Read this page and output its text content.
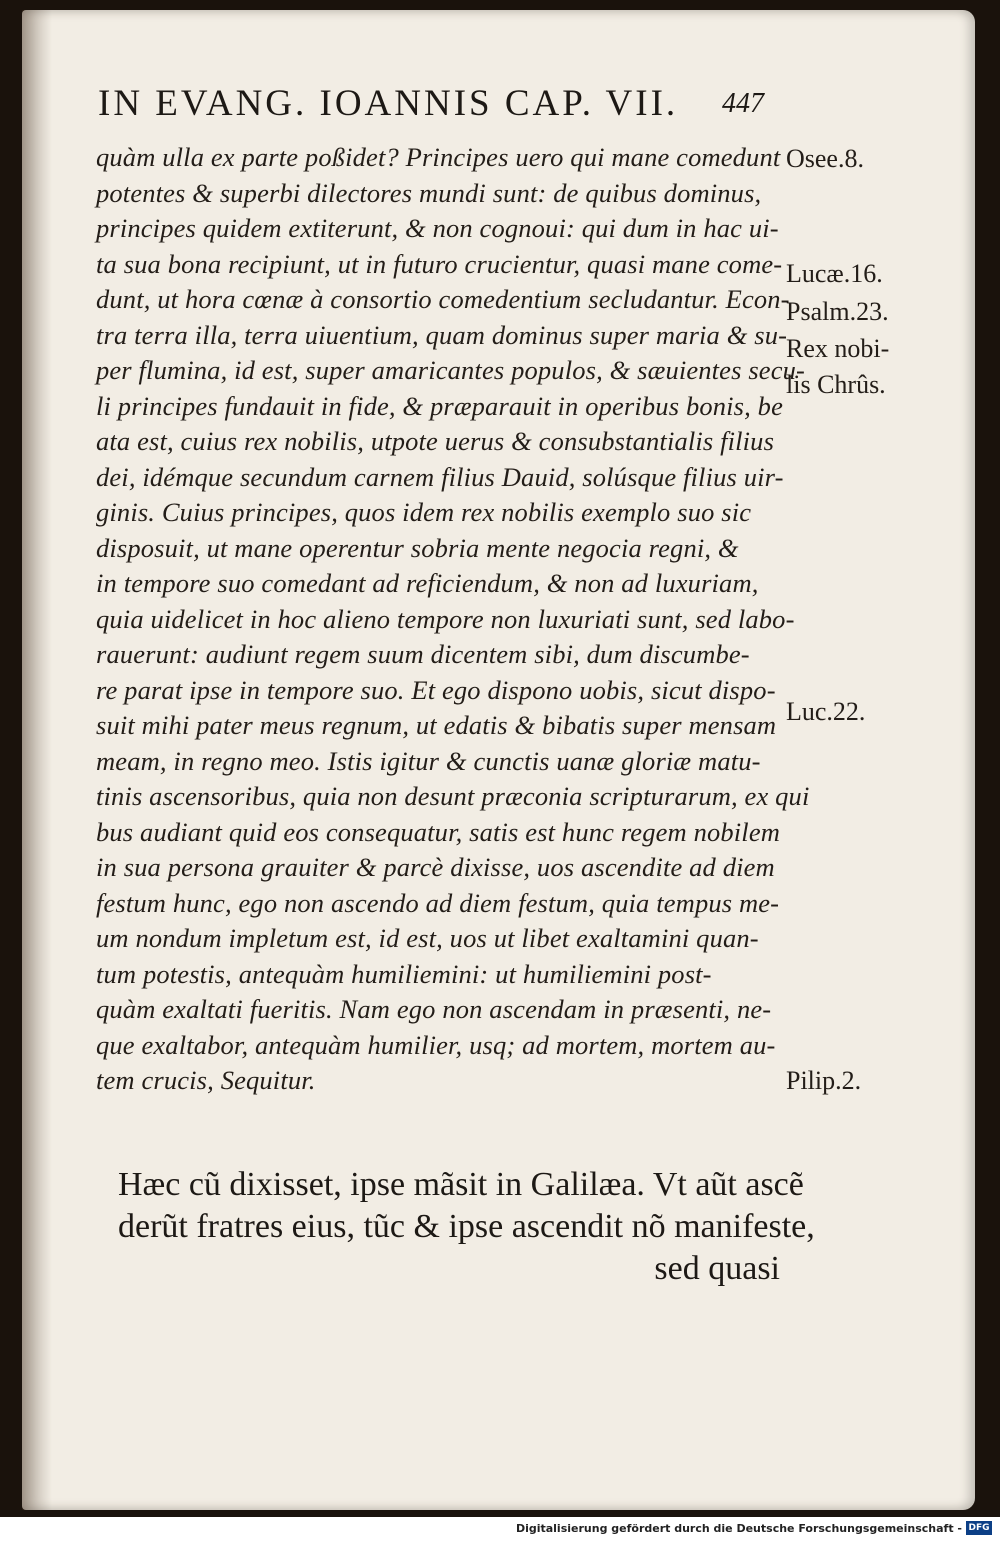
IN EVANG. IOANNIS CAP. VII.	447
quàm ulla ex parte poßidet? Principes uero qui mane comedunt
potentes & superbi dilectores mundi sunt: de quibus dominus,
principes quidem extiterunt, & non cognoui: qui dum in hac ui-
ta sua bona recipiunt, ut in futuro crucientur, quasi mane come-
dunt, ut hora cœnæ à consortio comedentium secludantur. Econ-
tra terra illa, terra uiuentium, quam dominus super maria & su-
per flumina, id est, super amaricantes populos, & sæuientes secu-
li principes fundauit in fide, & præparauit in operibus bonis, be
ata est, cuius rex nobilis, utpote uerus & consubstantialis filius
dei, idémque secundum carnem filius Dauid, solúsque filius uir-
ginis. Cuius principes, quos idem rex nobilis exemplo suo sic
disposuit, ut mane operentur sobria mente negocia regni, &
in tempore suo comedant ad reficiendum, & non ad luxuriam,
quia uidelicet in hoc alieno tempore non luxuriati sunt, sed labo-
rauerunt: audiunt regem suum dicentem sibi, dum discumbe-
re parat ipse in tempore suo. Et ego dispono uobis, sicut dispo-
suit mihi pater meus regnum, ut edatis & bibatis super mensam
meam, in regno meo. Istis igitur & cunctis uanæ gloriæ matu-
tinis ascensoribus, quia non desunt præconia scripturarum, ex qui
bus audiant quid eos consequatur, satis est hunc regem nobilem
in sua persona grauiter & parcè dixisse, uos ascendite ad diem
festum hunc, ego non ascendo ad diem festum, quia tempus me-
um nondum impletum est, id est, uos ut libet exaltamini quan-
tum potestis, antequàm humiliemini: ut humiliemini post-
quàm exaltati fueritis. Nam ego non ascendam in præsenti, ne-
que exaltabor, antequàm humilier, usq; ad mortem, mortem au-
tem crucis, Sequitur.
Osee.8.
Lucæ.16.
Psalm.23.
Rex nobi-
lis Chrûs.
Luc.22.
Pilip.2.
Hæc cũ dixisset, ipse mãsit in Galilæa. Vt aũt ascẽ
derũt fratres eius, tũc & ipse ascendit nõ manifeste,
sed quasi
Digitalisierung gefördert durch die Deutsche Forschungsgemeinschaft - DFG
